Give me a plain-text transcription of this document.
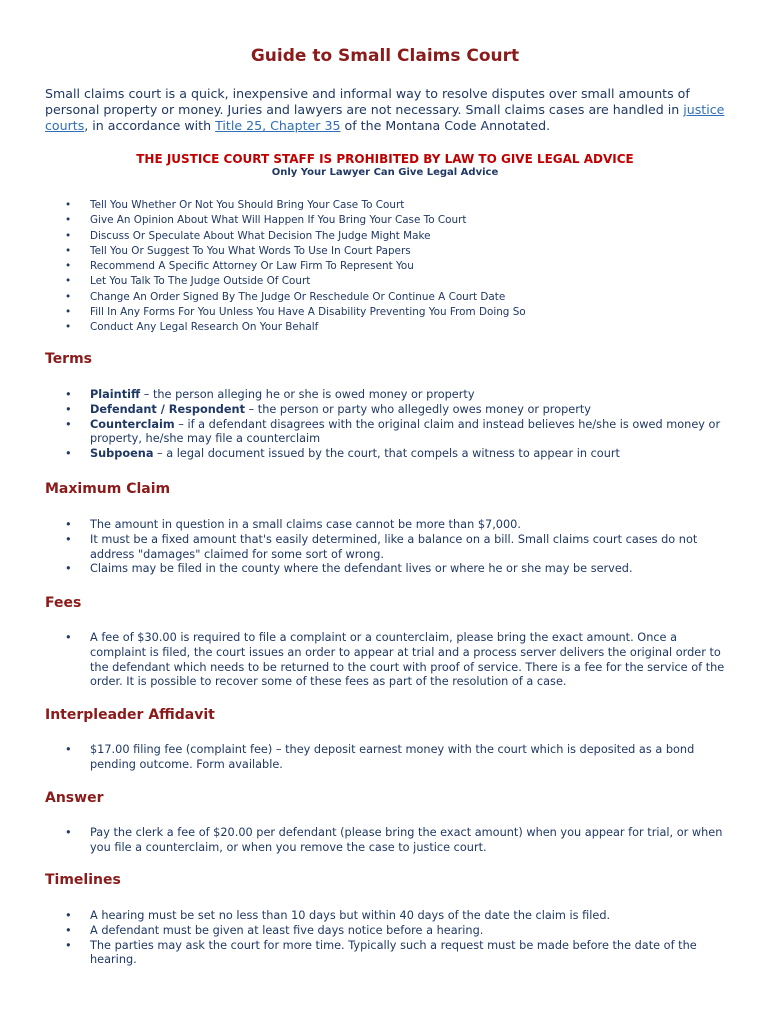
Guide to Small Claims Court

Small claims court is a quick, inexpensive and informal way to resolve disputes over small amounts of personal property or money. Juries and lawyers are not necessary. Small claims cases are handled in justice courts, in accordance with Title 25, Chapter 35 of the Montana Code Annotated.

THE JUSTICE COURT STAFF IS PROHIBITED BY LAW TO GIVE LEGAL ADVICE

Only Your Lawyer Can Give Legal Advice

• Tell You Whether Or Not You Should Bring Your Case To Court
• Give An Opinion About What Will Happen If You Bring Your Case To Court
• Discuss Or Speculate About What Decision The Judge Might Make
• Tell You Or Suggest To You What Words To Use In Court Papers
• Recommend A Specific Attorney Or Law Firm To Represent You
• Let You Talk To The Judge Outside Of Court
• Change An Order Signed By The Judge Or Reschedule Or Continue A Court Date
• Fill In Any Forms For You Unless You Have A Disability Preventing You From Doing So
• Conduct Any Legal Research On Your Behalf
Terms
• Plaintiff – the person alleging he or she is owed money or property
• Defendant / Respondent – the person or party who allegedly owes money or property
• Counterclaim – if a defendant disagrees with the original claim and instead believes he/she is owed money or property, he/she may file a counterclaim
• Subpoena – a legal document issued by the court, that compels a witness to appear in court
Maximum Claim
• The amount in question in a small claims case cannot be more than $7,000.
• It must be a fixed amount that's easily determined, like a balance on a bill. Small claims court cases do not address "damages" claimed for some sort of wrong.
• Claims may be filed in the county where the defendant lives or where he or she may be served.
Fees
• A fee of $30.00 is required to file a complaint or a counterclaim, please bring the exact amount. Once a complaint is filed, the court issues an order to appear at trial and a process server delivers the original order to the defendant which needs to be returned to the court with proof of service. There is a fee for the service of the order. It is possible to recover some of these fees as part of the resolution of a case.
Interpleader Affidavit
• $17.00 filing fee (complaint fee) – they deposit earnest money with the court which is deposited as a bond pending outcome. Form available.
Answer
• Pay the clerk a fee of $20.00 per defendant (please bring the exact amount) when you appear for trial, or when you file a counterclaim, or when you remove the case to justice court.
Timelines
• A hearing must be set no less than 10 days but within 40 days of the date the claim is filed.
• A defendant must be given at least five days notice before a hearing.
• The parties may ask the court for more time. Typically such a request must be made before the date of the hearing.
